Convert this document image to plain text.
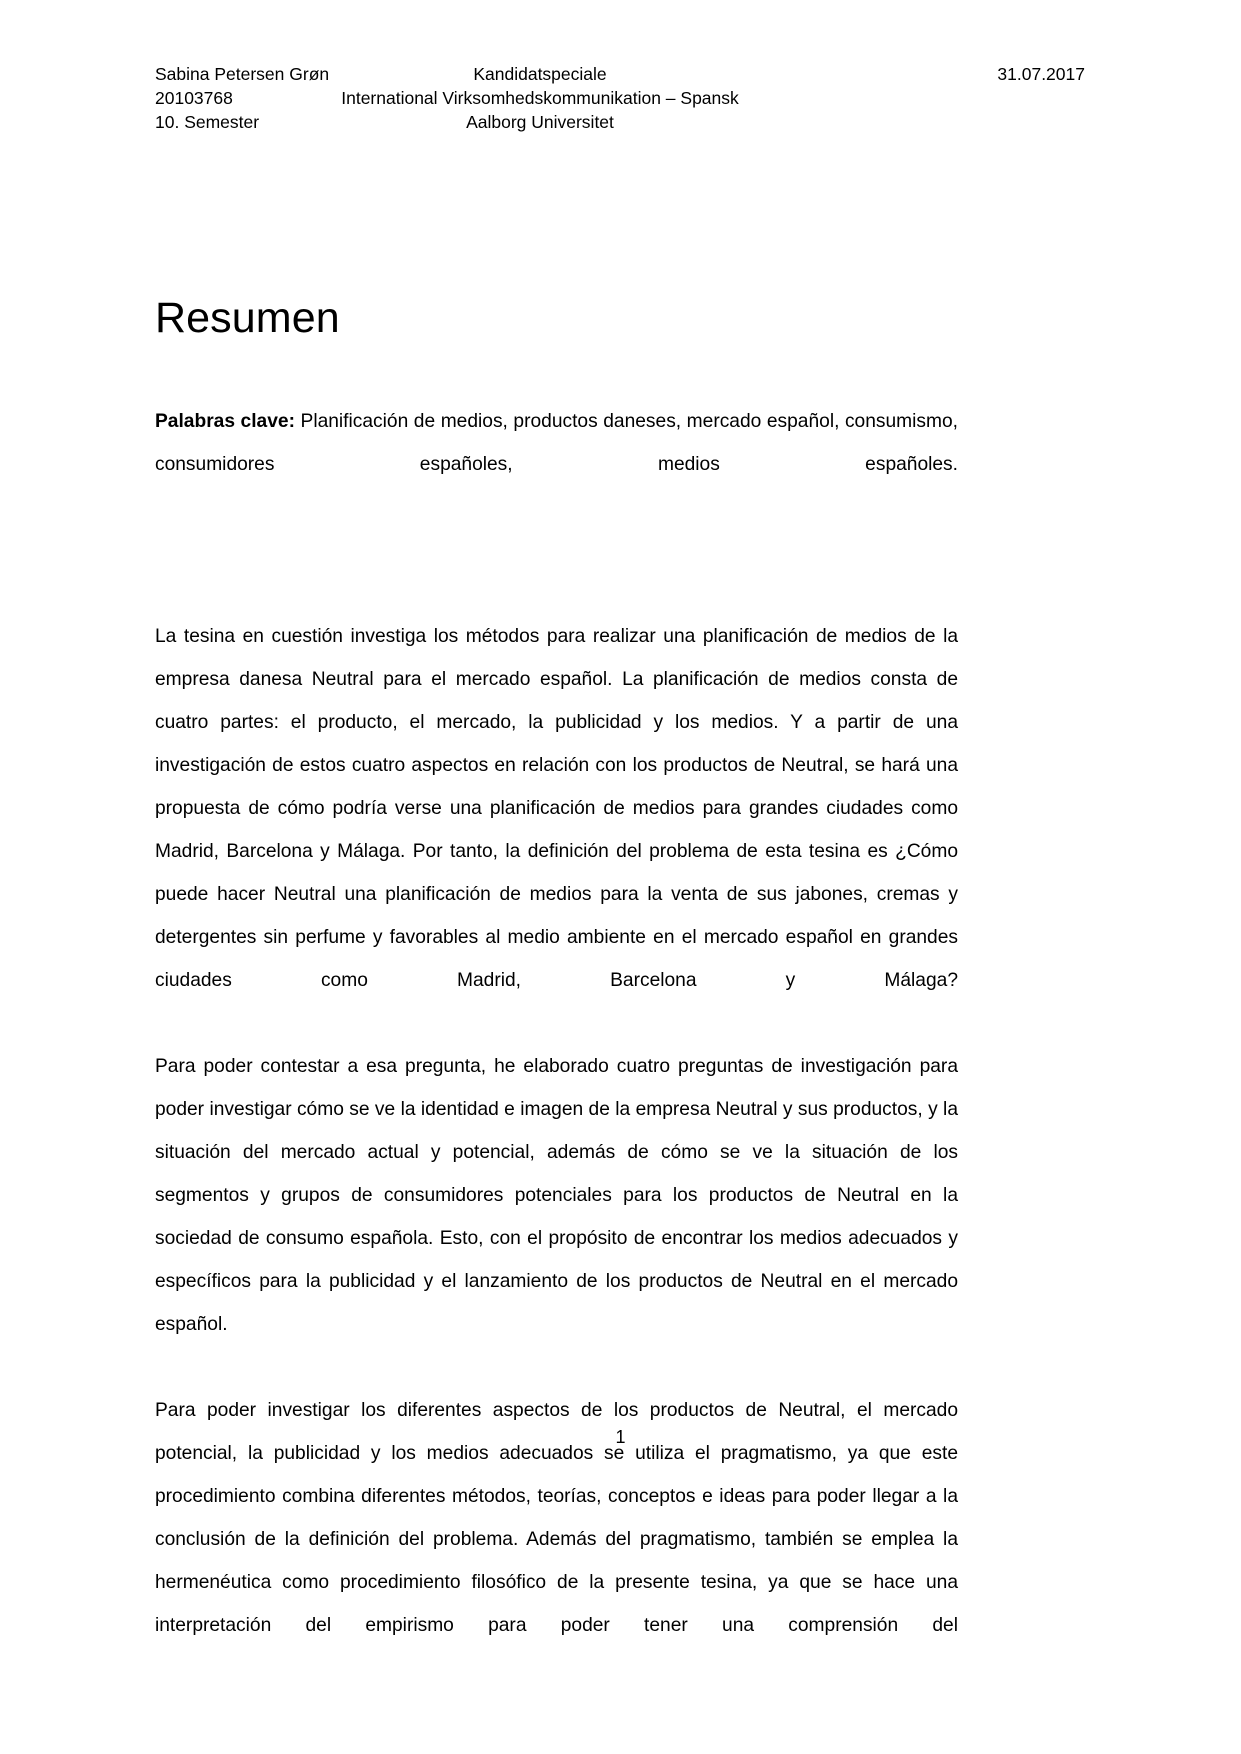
Sabina Petersen Grøn	Kandidatspeciale	31.07.2017
20103768	International Virksomhedskommunikation – Spansk
10. Semester	Aalborg Universitet
Resumen

Palabras clave: Planificación de medios, productos daneses, mercado español, consumismo, consumidores españoles, medios españoles.

La tesina en cuestión investiga los métodos para realizar una planificación de medios de la empresa danesa Neutral para el mercado español. La planificación de medios consta de cuatro partes: el producto, el mercado, la publicidad y los medios. Y a partir de una investigación de estos cuatro aspectos en relación con los productos de Neutral, se hará una propuesta de cómo podría verse una planificación de medios para grandes ciudades como Madrid, Barcelona y Málaga. Por tanto, la definición del problema de esta tesina es ¿Cómo puede hacer Neutral una planificación de medios para la venta de sus jabones, cremas y detergentes sin perfume y favorables al medio ambiente en el mercado español en grandes ciudades como Madrid, Barcelona y Málaga?

Para poder contestar a esa pregunta, he elaborado cuatro preguntas de investigación para poder investigar cómo se ve la identidad e imagen de la empresa Neutral y sus productos, y la situación del mercado actual y potencial, además de cómo se ve la situación de los segmentos y grupos de consumidores potenciales para los productos de Neutral en la sociedad de consumo española. Esto, con el propósito de encontrar los medios adecuados y específicos para la publicidad y el lanzamiento de los productos de Neutral en el mercado español.

Para poder investigar los diferentes aspectos de los productos de Neutral, el mercado potencial, la publicidad y los medios adecuados se utiliza el pragmatismo, ya que este procedimiento combina diferentes métodos, teorías, conceptos e ideas para poder llegar a la conclusión de la definición del problema. Además del pragmatismo, también se emplea la hermenéutica como procedimiento filosófico de la presente tesina, ya que se hace una interpretación del empirismo para poder tener una comprensión del

1
